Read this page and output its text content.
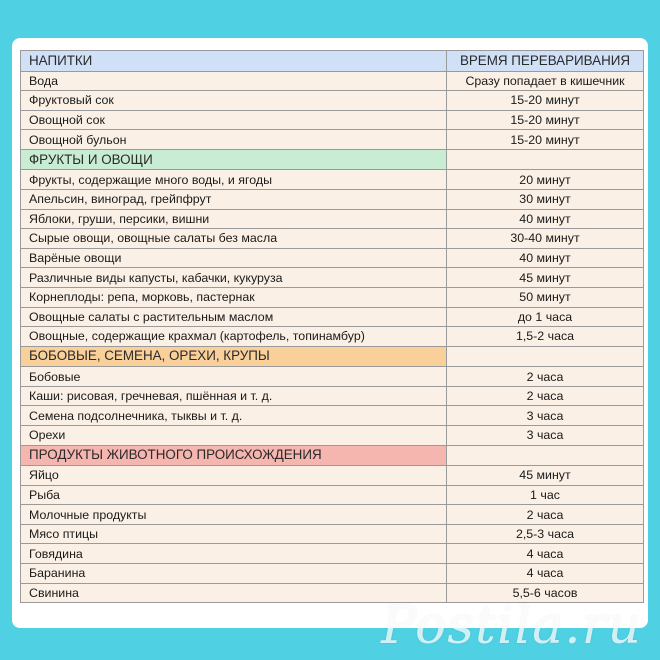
НАПИТКИ	ВРЕМЯ ПЕРЕВАРИВАНИЯ
Вода	Сразу попадает в кишечник
Фруктовый сок	15-20 минут
Овощной сок	15-20 минут
Овощной бульон	15-20 минут
ФРУКТЫ И ОВОЩИ	
Фрукты, содержащие много воды, и ягоды	20 минут
Апельсин, виноград, грейпфрут	30 минут
Яблоки, груши, персики, вишни	40 минут
Сырые овощи, овощные салаты без масла	30-40 минут
Варёные овощи	40 минут
Различные виды капусты, кабачки, кукуруза	45 минут
Корнеплоды: репа, морковь, пастернак	50 минут
Овощные салаты с растительным маслом	до 1 часа
Овощные, содержащие крахмал (картофель, топинамбур)	1,5-2 часа
БОБОВЫЕ, СЕМЕНА, ОРЕХИ, КРУПЫ	
Бобовые	2 часа
Каши: рисовая, гречневая, пшённая и т. д.	2 часа
Семена подсолнечника, тыквы и т. д.	3 часа
Орехи	3 часа
ПРОДУКТЫ ЖИВОТНОГО ПРОИСХОЖДЕНИЯ	
Яйцо	45 минут
Рыба	1 час
Молочные продукты	2 часа
Мясо птицы	2,5-3 часа
Говядина	4 часа
Баранина	4 часа
Свинина	5,5-6 часов
Postila.ru
